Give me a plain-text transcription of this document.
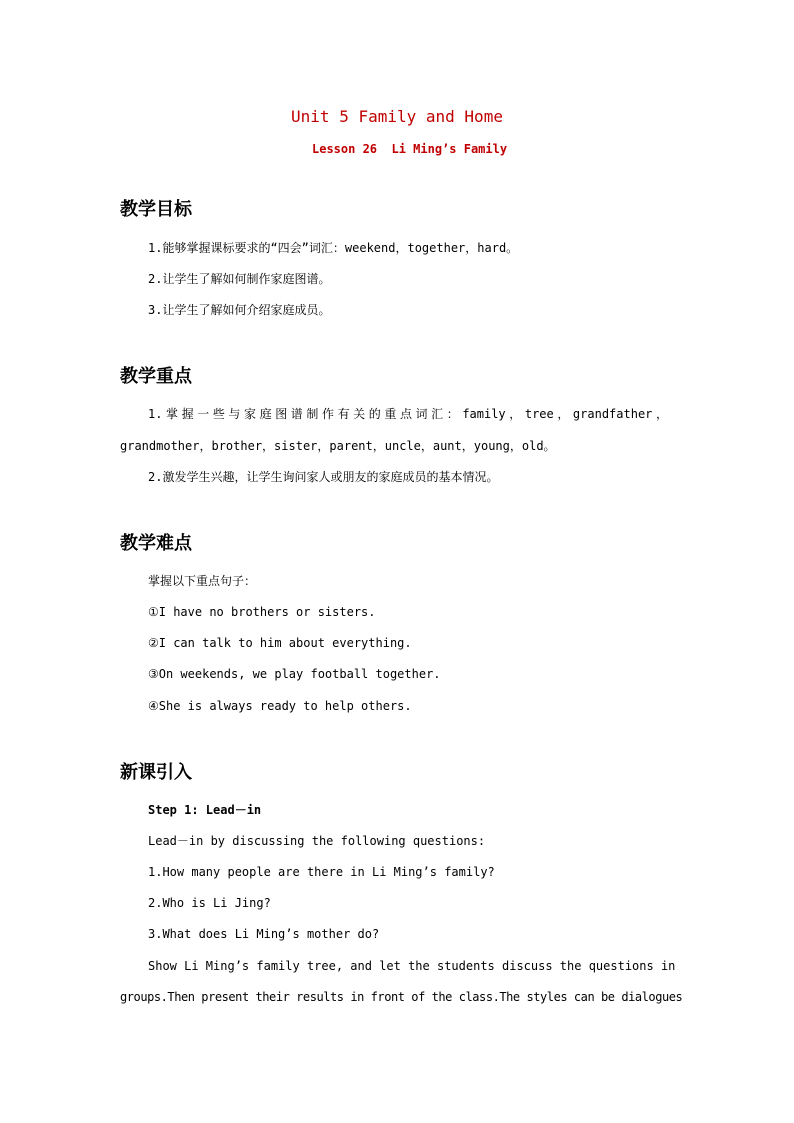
Unit 5 Family and Home
Lesson 26  Li Ming’s Family
教学目标
1.能够掌握课标要求的“四会”词汇：weekend，together，hard。
2.让学生了解如何制作家庭图谱。
3.让学生了解如何介绍家庭成员。
教学重点
1.掌握一些与家庭图谱制作有关的重点词汇：family，tree，grandfather，
grandmother，brother，sister，parent，uncle，aunt，young，old。
2.激发学生兴趣，让学生询问家人或朋友的家庭成员的基本情况。
教学难点
掌握以下重点句子：
①I have no brothers or sisters.
②I can talk to him about everything.
③On weekends, we play football together.
④She is always ready to help others.
新课引入
Step 1: Lead－in
Lead－in by discussing the following questions:
1.How many people are there in Li Ming’s family?
2.Who is Li Jing?
3.What does Li Ming’s mother do?
Show Li Ming’s family tree, and let the students discuss the questions in
groups.Then present their results in front of the class.The styles can be dialogues
